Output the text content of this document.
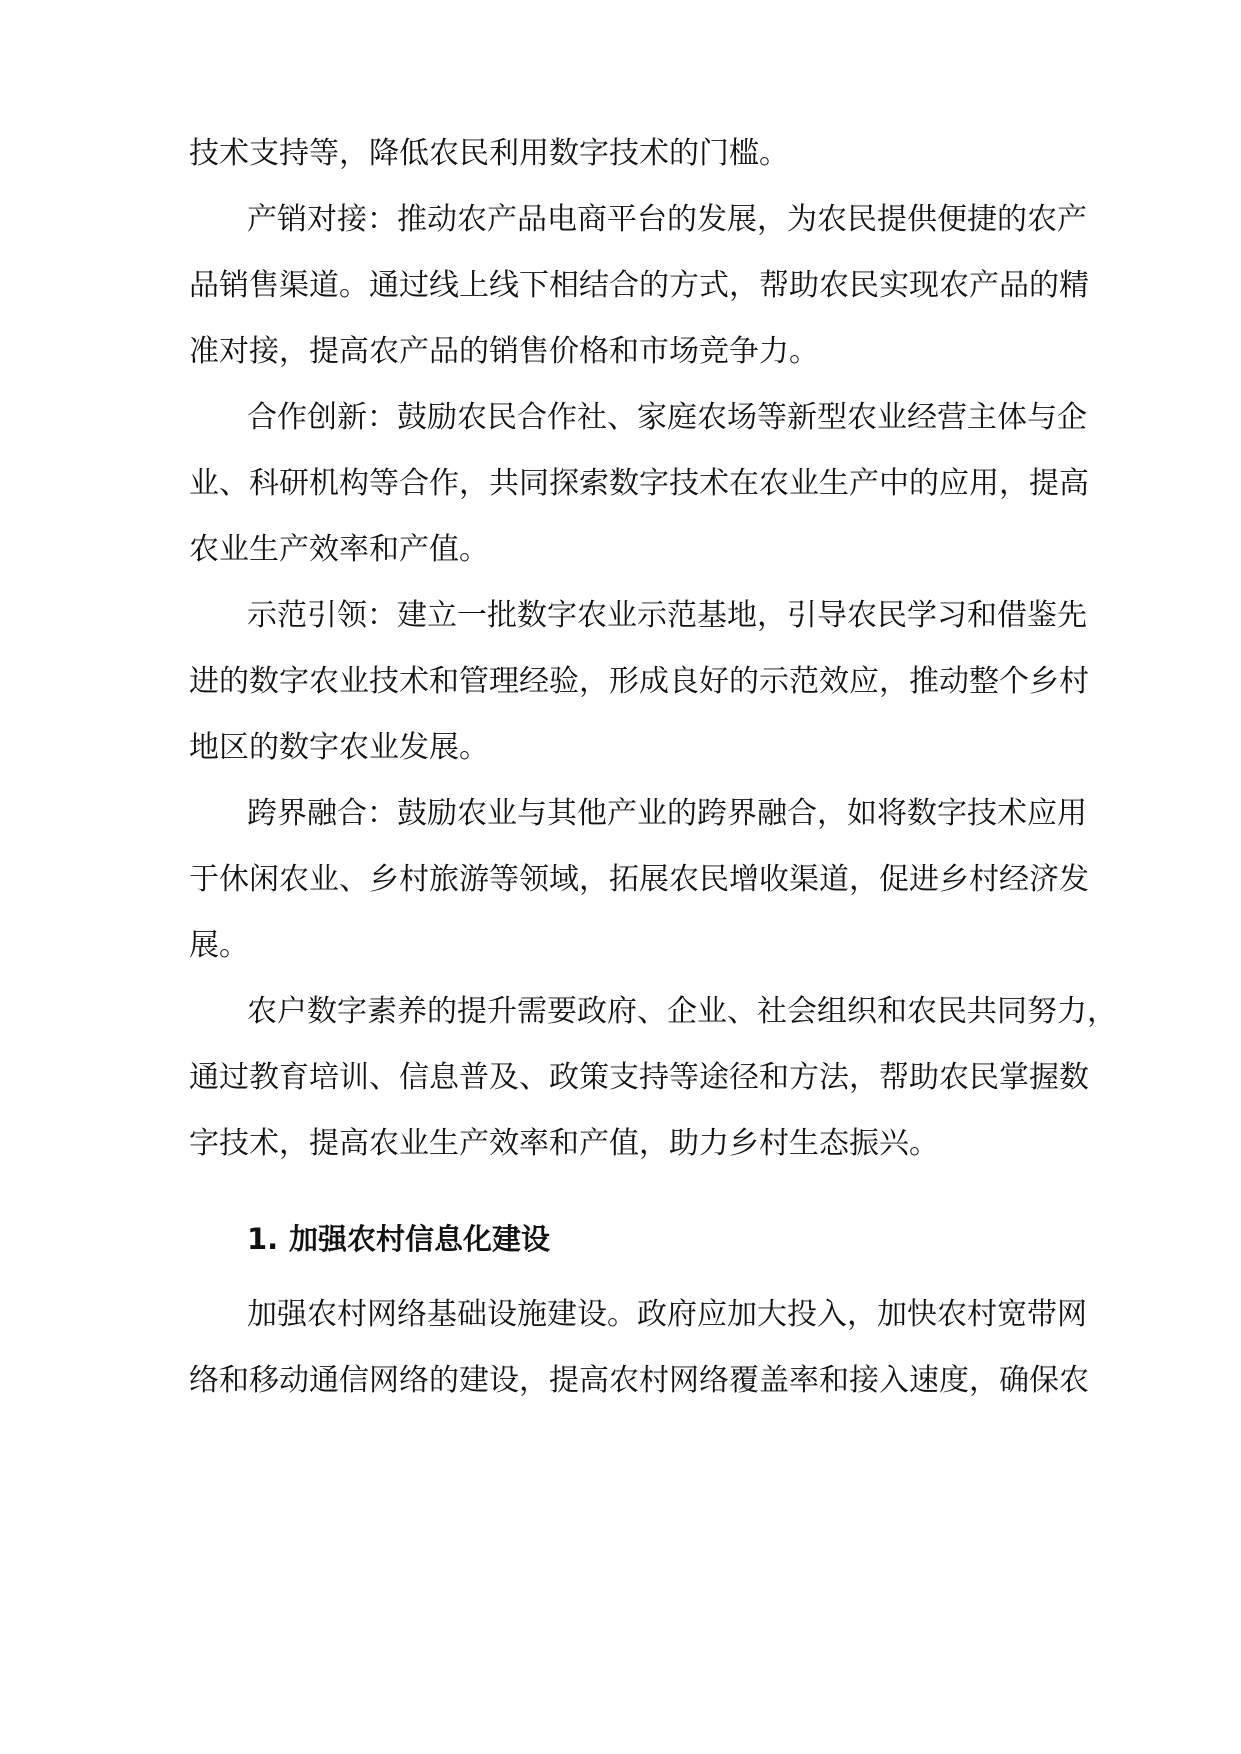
技术支持等，降低农民利用数字技术的门槛。
产销对接：推动农产品电商平台的发展，为农民提供便捷的农产
品销售渠道。通过线上线下相结合的方式，帮助农民实现农产品的精
准对接，提高农产品的销售价格和市场竞争力。
合作创新：鼓励农民合作社、家庭农场等新型农业经营主体与企
业、科研机构等合作，共同探索数字技术在农业生产中的应用，提高
农业生产效率和产值。
示范引领：建立一批数字农业示范基地，引导农民学习和借鉴先
进的数字农业技术和管理经验，形成良好的示范效应，推动整个乡村
地区的数字农业发展。
跨界融合：鼓励农业与其他产业的跨界融合，如将数字技术应用
于休闲农业、乡村旅游等领域，拓展农民增收渠道，促进乡村经济发
展。
农户数字素养的提升需要政府、企业、社会组织和农民共同努力，
通过教育培训、信息普及、政策支持等途径和方法，帮助农民掌握数
字技术，提高农业生产效率和产值，助力乡村生态振兴。
1. 加强农村信息化建设
加强农村网络基础设施建设。政府应加大投入，加快农村宽带网
络和移动通信网络的建设，提高农村网络覆盖率和接入速度，确保农
